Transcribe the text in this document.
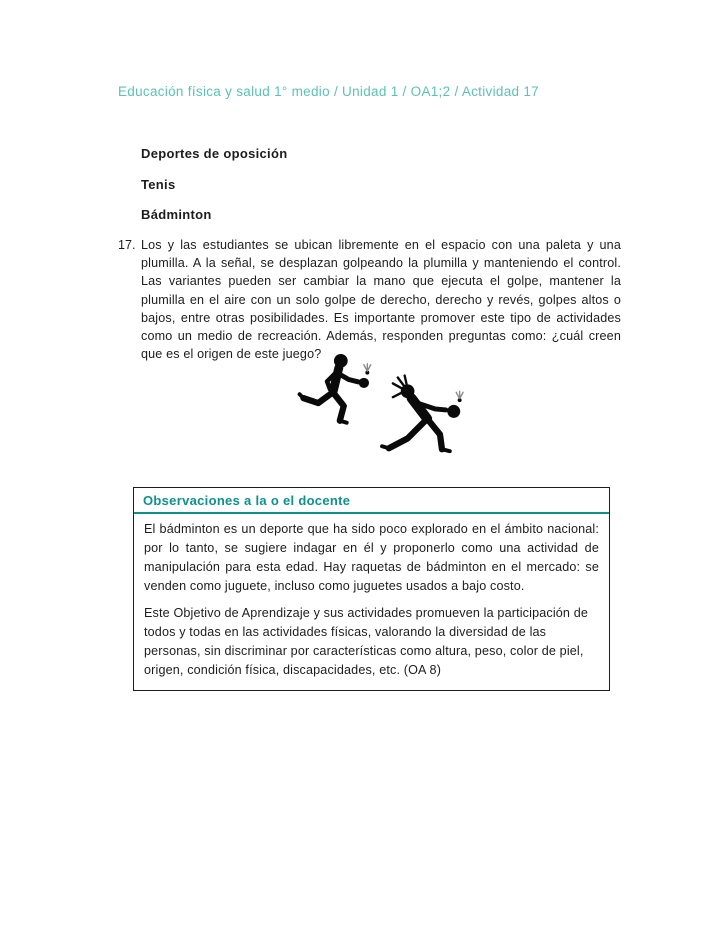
Educación física y salud 1° medio / Unidad 1 / OA1;2 / Actividad 17
Deportes de oposición
Tenis
Bádminton
17. Los y las estudiantes se ubican libremente en el espacio con una paleta y una plumilla. A la señal, se desplazan golpeando la plumilla y manteniendo el control. Las variantes pueden ser cambiar la mano que ejecuta el golpe, mantener la plumilla en el aire con un solo golpe de derecho, derecho y revés, golpes altos o bajos, entre otras posibilidades. Es importante promover este tipo de actividades como un medio de recreación. Además, responden preguntas como: ¿cuál creen que es el origen de este juego?
Observaciones a la o el docente

El bádminton es un deporte que ha sido poco explorado en el ámbito nacional: por lo tanto, se sugiere indagar en él y proponerlo como una actividad de manipulación para esta edad. Hay raquetas de bádminton en el mercado: se venden como juguete, incluso como juguetes usados a bajo costo.

Este Objetivo de Aprendizaje y sus actividades promueven la participación de todos y todas en las actividades físicas, valorando la diversidad de las personas, sin discriminar por características como altura, peso, color de piel, origen, condición física, discapacidades, etc. (OA 8)
